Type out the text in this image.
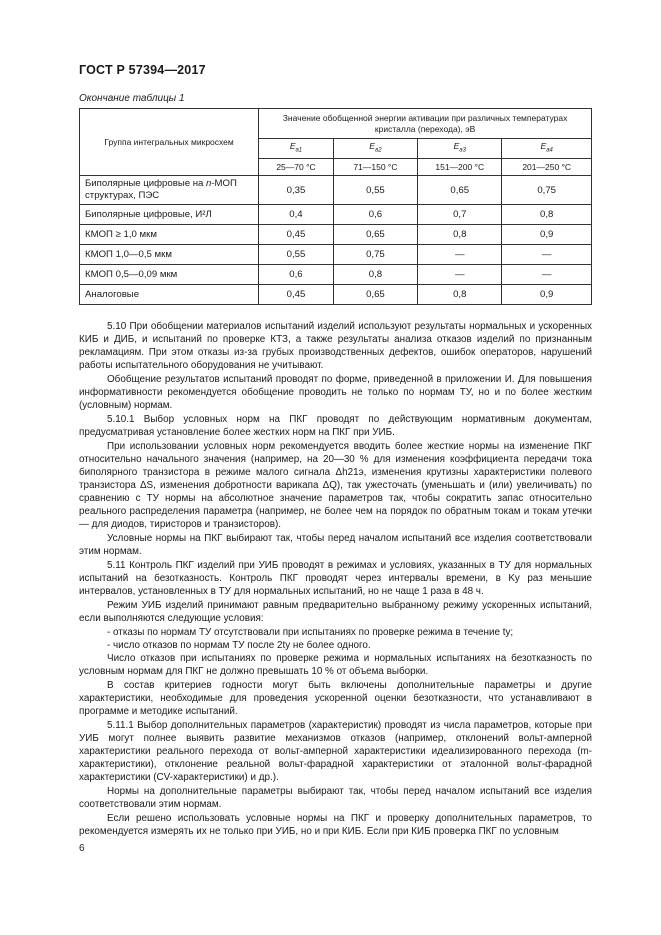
ГОСТ Р 57394—2017
Окончание таблицы 1
Группа интегральных микросхем	Значение обобщенной энергии активации при различных температурах кристалла (перехода), эВ			
	$E_{a1}$	$E_{a2}$	$E_{a3}$	$E_{a4}$
	25—70 °С	71—150 °С	151—200 °С	201—250 °С
Биполярные цифровые на n-МОП структурах, ПЭС	0,35	0,55	0,65	0,75
Биполярные цифровые, И²Л	0,4	0,6	0,7	0,8
КМОП ≥ 1,0 мкм	0,45	0,65	0,8	0,9
КМОП 1,0—0,5 мкм	0,55	0,75	—	—
КМОП 0,5—0,09 мкм	0,6	0,8	—	—
Аналоговые	0,45	0,65	0,8	0,9

5.10 При обобщении материалов испытаний изделий используют результаты нормальных и ускоренных КИБ и ДИБ, и испытаний по проверке КТЗ, а также результаты анализа отказов изделий по признанным рекламациям. При этом отказы из-за грубых производственных дефектов, ошибок операторов, нарушений работы испытательного оборудования не учитывают.

Обобщение результатов испытаний проводят по форме, приведенной в приложении И. Для повышения информативности рекомендуется обобщение проводить не только по нормам ТУ, но и по более жестким (условным) нормам.

5.10.1 Выбор условных норм на ПКГ проводят по действующим нормативным документам, предусматривая установление более жестких норм на ПКГ при УИБ.

При использовании условных норм рекомендуется вводить более жесткие нормы на изменение ПКГ относительно начального значения (например, на 20—30 % для изменения коэффициента передачи тока биполярного транзистора в режиме малого сигнала Δh21э, изменения крутизны характеристики полевого транзистора ΔS, изменения добротности варикапа ΔQ), так ужесточать (уменьшать и (или) увеличивать) по сравнению с ТУ нормы на абсолютное значение параметров так, чтобы сократить запас относительно реального распределения параметра (например, не более чем на порядок по обратным токам и токам утечки — для диодов, тиристоров и транзисторов).

Условные нормы на ПКГ выбирают так, чтобы перед началом испытаний все изделия соответствовали этим нормам.

5.11 Контроль ПКГ изделий при УИБ проводят в режимах и условиях, указанных в ТУ для нормальных испытаний на безотказность. Контроль ПКГ проводят через интервалы времени, в Kу раз меньшие интервалов, установленных в ТУ для нормальных испытаний, но не чаще 1 раза в 48 ч.

Режим УИБ изделий принимают равным предварительно выбранному режиму ускоренных испытаний, если выполняются следующие условия:

- отказы по нормам ТУ отсутствовали при испытаниях по проверке режима в течение tу;

- число отказов по нормам ТУ после 2tу не более одного.

Число отказов при испытаниях по проверке режима и нормальных испытаниях на безотказность по условным нормам для ПКГ не должно превышать 10 % от объема выборки.

В состав критериев годности могут быть включены дополнительные параметры и другие характеристики, необходимые для проведения ускоренной оценки безотказности, что устанавливают в программе и методике испытаний.

5.11.1 Выбор дополнительных параметров (характеристик) проводят из числа параметров, которые при УИБ могут полнее выявить развитие механизмов отказов (например, отклонений вольт-амперной характеристики реального перехода от вольт-амперной характеристики идеализированного перехода (m-характеристики), отклонение реальной вольт-фарадной характеристики от эталонной вольт-фарадной характеристики (CV-характеристики) и др.).

Нормы на дополнительные параметры выбирают так, чтобы перед началом испытаний все изделия соответствовали этим нормам.

Если решено использовать условные нормы на ПКГ и проверку дополнительных параметров, то рекомендуется измерять их не только при УИБ, но и при КИБ. Если при КИБ проверка ПКГ по условным

6
